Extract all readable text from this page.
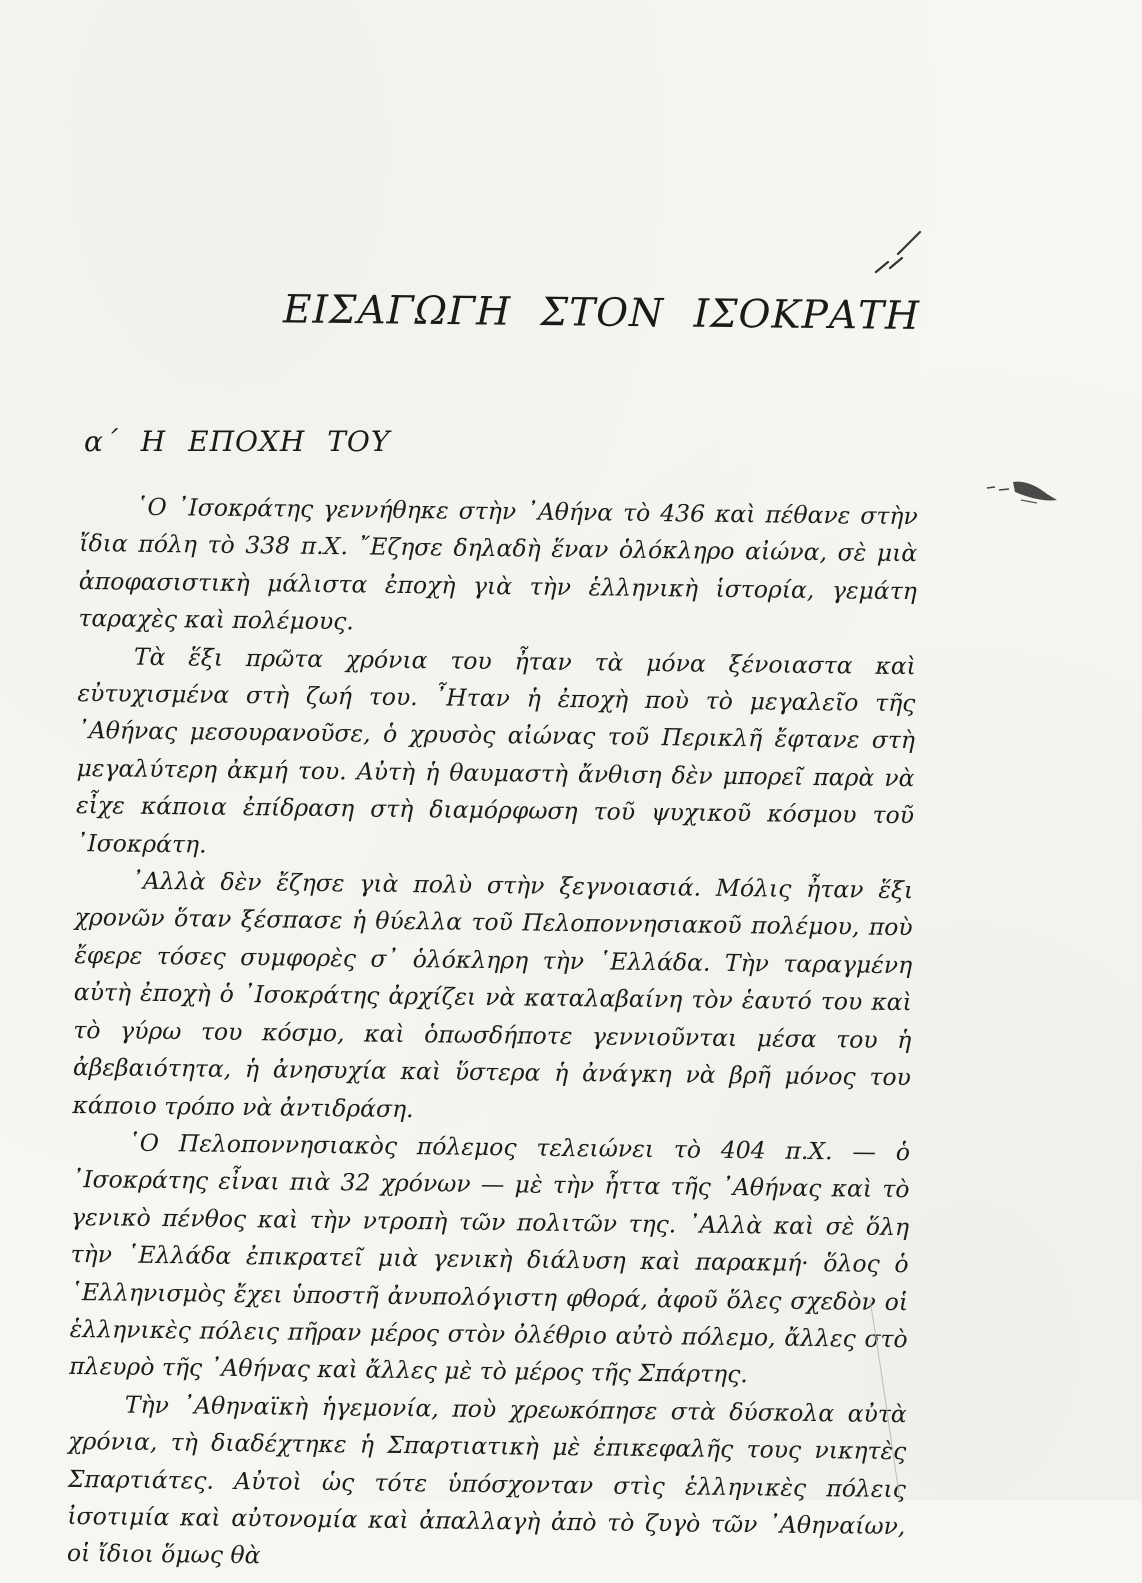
ΕΙΣΑΓΩΓΗ ΣΤΟΝ ΙΣΟΚΡΑΤΗ
α΄ Η ΕΠΟΧΗ ΤΟΥ

῾Ο ᾿Ισοκράτης γεννήθηκε στὴν ᾿Αθήνα τὸ 436 καὶ πέθανε στὴν ἴδια πόλη τὸ 338 π.Χ. ῎Εζησε δηλαδὴ ἕναν ὁλόκληρο αἰώνα, σὲ μιὰ ἀποφασιστικὴ μάλιστα ἐποχὴ γιὰ τὴν ἑλληνικὴ ἱστορία, γεμάτη ταραχὲς καὶ πολέμους.

Τὰ ἕξι πρῶτα χρόνια του ἦταν τὰ μόνα ξένοιαστα καὶ εὐτυχισμένα στὴ ζωή του. ῏Ηταν ἡ ἐποχὴ ποὺ τὸ μεγαλεῖο τῆς ᾿Αθήνας μεσουρανοῦσε, ὁ χρυσὸς αἰώνας τοῦ Περικλῆ ἔφτανε στὴ μεγαλύτερη ἀκμή του. Αὐτὴ ἡ θαυμαστὴ ἄνθιση δὲν μπορεῖ παρὰ νὰ εἶχε κάποια ἐπίδραση στὴ διαμόρφωση τοῦ ψυχικοῦ κόσμου τοῦ ᾿Ισοκράτη.

᾿Αλλὰ δὲν ἔζησε γιὰ πολὺ στὴν ξεγνοιασιά. Μόλις ἦταν ἕξι χρονῶν ὅταν ξέσπασε ἡ θύελλα τοῦ Πελοποννησιακοῦ πολέμου, ποὺ ἔφερε τόσες συμφορὲς σ᾿ ὁλόκληρη τὴν ῾Ελλάδα. Τὴν ταραγμένη αὐτὴ ἐποχὴ ὁ ᾿Ισοκράτης ἀρχίζει νὰ καταλαβαίνη τὸν ἑαυτό του καὶ τὸ γύρω του κόσμο, καὶ ὁπωσδήποτε γεννιοῦνται μέσα του ἡ ἀβεβαιότητα, ἡ ἀνησυχία καὶ ὕστερα ἡ ἀνάγκη νὰ βρῆ μόνος του κάποιο τρόπο νὰ ἀντιδράση.

῾Ο Πελοποννησιακὸς πόλεμος τελειώνει τὸ 404 π.Χ. — ὁ ᾿Ισοκράτης εἶναι πιὰ 32 χρόνων — μὲ τὴν ἧττα τῆς ᾿Αθήνας καὶ τὸ γενικὸ πένθος καὶ τὴν ντροπὴ τῶν πολιτῶν της. ᾿Αλλὰ καὶ σὲ ὅλη τὴν ῾Ελλάδα ἐπικρατεῖ μιὰ γενικὴ διάλυση καὶ παρακμή· ὅλος ὁ ῾Ελληνισμὸς ἔχει ὑποστῆ ἀνυπολόγιστη φθορά, ἀφοῦ ὅλες σχεδὸν οἱ ἑλληνικὲς πόλεις πῆραν μέρος στὸν ὀλέθριο αὐτὸ πόλεμο, ἄλλες στὸ πλευρὸ τῆς ᾿Αθήνας καὶ ἄλλες μὲ τὸ μέρος τῆς Σπάρτης.

Τὴν ᾿Αθηναϊκὴ ἡγεμονία, ποὺ χρεωκόπησε στὰ δύσκολα αὐτὰ χρόνια, τὴ διαδέχτηκε ἡ Σπαρτιατικὴ μὲ ἐπικεφαλῆς τους νικητὲς Σπαρτιάτες. Αὐτοὶ ὡς τότε ὑπόσχονταν στὶς ἑλληνικὲς πόλεις ἰσοτιμία καὶ αὐτονομία καὶ ἀπαλλαγὴ ἀπὸ τὸ ζυγὸ τῶν ᾿Αθηναίων, οἱ ἴδιοι ὅμως θὰ
